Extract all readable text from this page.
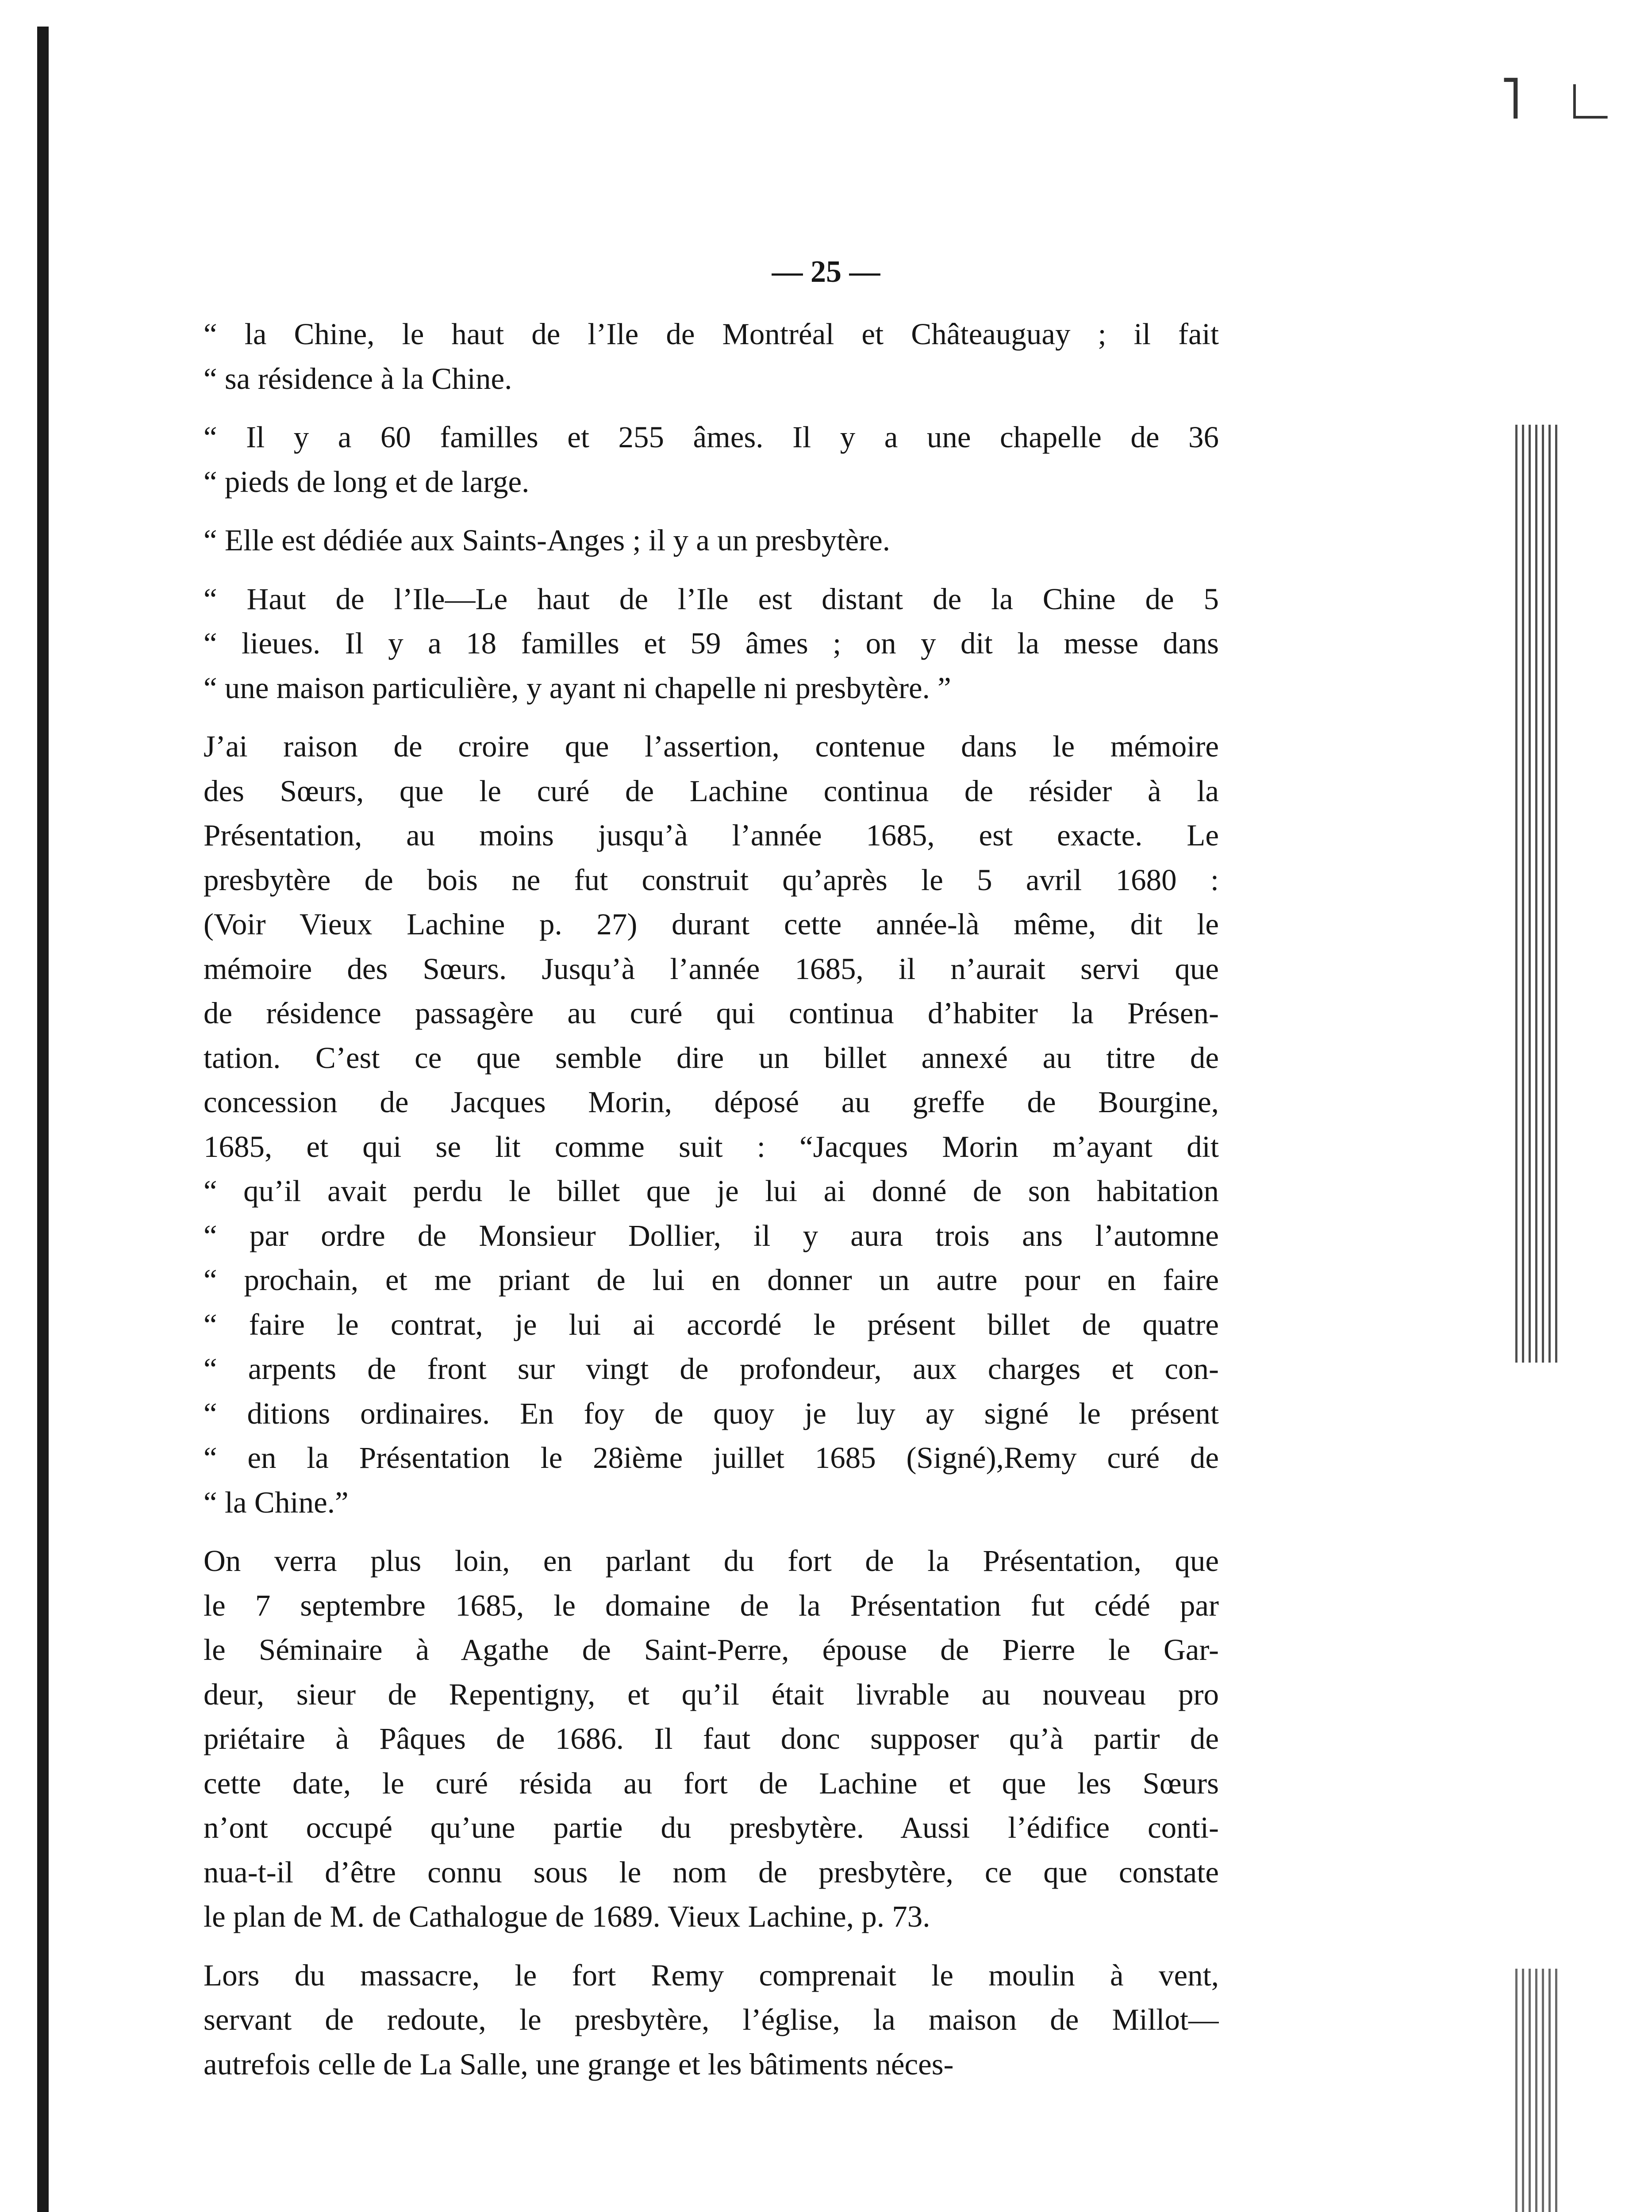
˥ ∟
— 25 —
“ la Chine, le haut de l’Ile de Montréal et Châteauguay ; il fait
“ sa résidence à la Chine.
“ Il y a 60 familles et 255 âmes. Il y a une chapelle de 36
“ pieds de long et de large.
“ Elle est dédiée aux Saints-Anges ; il y a un presbytère.
“ Haut de l’Ile—Le haut de l’Ile est distant de la Chine de 5
“ lieues. Il y a 18 familles et 59 âmes ; on y dit la messe dans
“ une maison particulière, y ayant ni chapelle ni presbytère. ”
J’ai raison de croire que l’assertion, contenue dans le mémoire
des Sœurs, que le curé de Lachine continua de résider à la
Présentation, au moins jusqu’à l’année 1685, est exacte. Le
presbytère de bois ne fut construit qu’après le 5 avril 1680 :
(Voir Vieux Lachine p. 27) durant cette année-là même, dit le
mémoire des Sœurs. Jusqu’à l’année 1685, il n’aurait servi que
de résidence passagère au curé qui continua d’habiter la Présen-
tation. C’est ce que semble dire un billet annexé au titre de
concession de Jacques Morin, déposé au greffe de Bourgine,
1685, et qui se lit comme suit : “Jacques Morin m’ayant dit
“ qu’il avait perdu le billet que je lui ai donné de son habitation
“ par ordre de Monsieur Dollier, il y aura trois ans l’automne
“ prochain, et me priant de lui en donner un autre pour en faire
“ faire le contrat, je lui ai accordé le présent billet de quatre
“ arpents de front sur vingt de profondeur, aux charges et con-
“ ditions ordinaires. En foy de quoy je luy ay signé le présent
“ en la Présentation le 28ième juillet 1685 (Signé),Remy curé de
“ la Chine.”
On verra plus loin, en parlant du fort de la Présentation, que
le 7 septembre 1685, le domaine de la Présentation fut cédé par
le Séminaire à Agathe de Saint-Perre, épouse de Pierre le Gar-
deur, sieur de Repentigny, et qu’il était livrable au nouveau pro
priétaire à Pâques de 1686. Il faut donc supposer qu’à partir de
cette date, le curé résida au fort de Lachine et que les Sœurs
n’ont occupé qu’une partie du presbytère. Aussi l’édifice conti-
nua-t-il d’être connu sous le nom de presbytère, ce que constate
le plan de M. de Cathalogue de 1689. Vieux Lachine, p. 73.
Lors du massacre, le fort Remy comprenait le moulin à vent,
servant de redoute, le presbytère, l’église, la maison de Millot—
autrefois celle de La Salle, une grange et les bâtiments néces-
